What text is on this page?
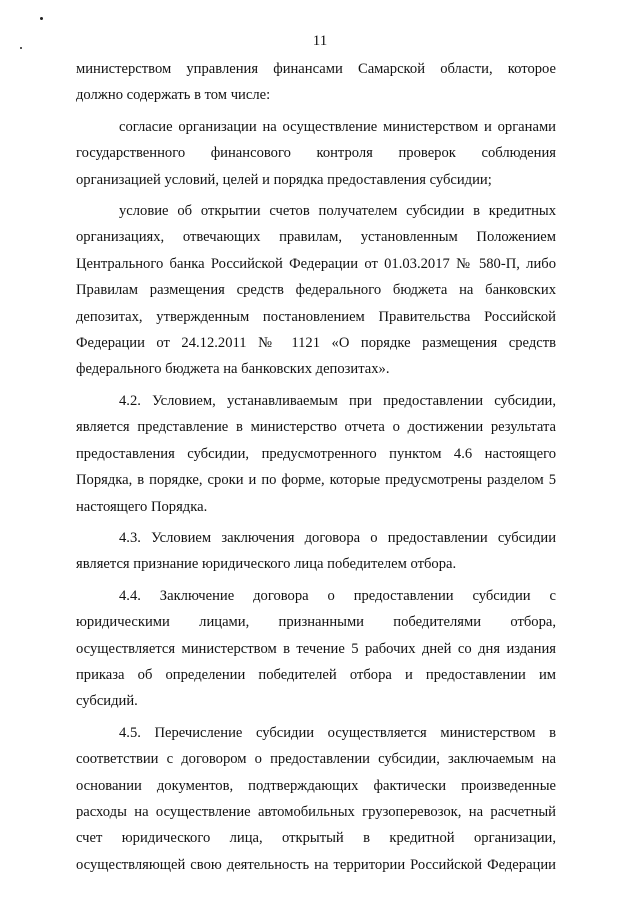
11

министерством управления финансами Самарской области, которое
должно содержать в том числе:

согласие организации на осуществление министерством и органами
государственного финансового контроля проверок соблюдения
организацией условий, целей и порядка предоставления субсидии;

условие об открытии счетов получателем субсидии в кредитных
организациях, отвечающих правилам, установленным Положением
Центрального банка Российской Федерации от 01.03.2017 № 580-П, либо
Правилам размещения средств федерального бюджета на банковских
депозитах, утвержденным постановлением Правительства Российской
Федерации от 24.12.2011 № 1121 «О порядке размещения средств
федерального бюджета на банковских депозитах».

4.2. Условием, устанавливаемым при предоставлении субсидии,
является представление в министерство отчета о достижении результата
предоставления субсидии, предусмотренного пунктом 4.6 настоящего
Порядка, в порядке, сроки и по форме, которые предусмотрены разделом 5
настоящего Порядка.

4.3. Условием заключения договора о предоставлении субсидии
является признание юридического лица победителем отбора.

4.4. Заключение договора о предоставлении субсидии с
юридическими лицами, признанными победителями отбора,
осуществляется министерством в течение 5 рабочих дней со дня издания
приказа об определении победителей отбора и предоставлении им
субсидий.

4.5. Перечисление субсидии осуществляется министерством в
соответствии с договором о предоставлении субсидии, заключаемым на
основании документов, подтверждающих фактически произведенные
расходы на осуществление автомобильных грузоперевозок, на расчетный
счет юридического лица, открытый в кредитной организации,
осуществляющей свою деятельность на территории Российской Федерации
